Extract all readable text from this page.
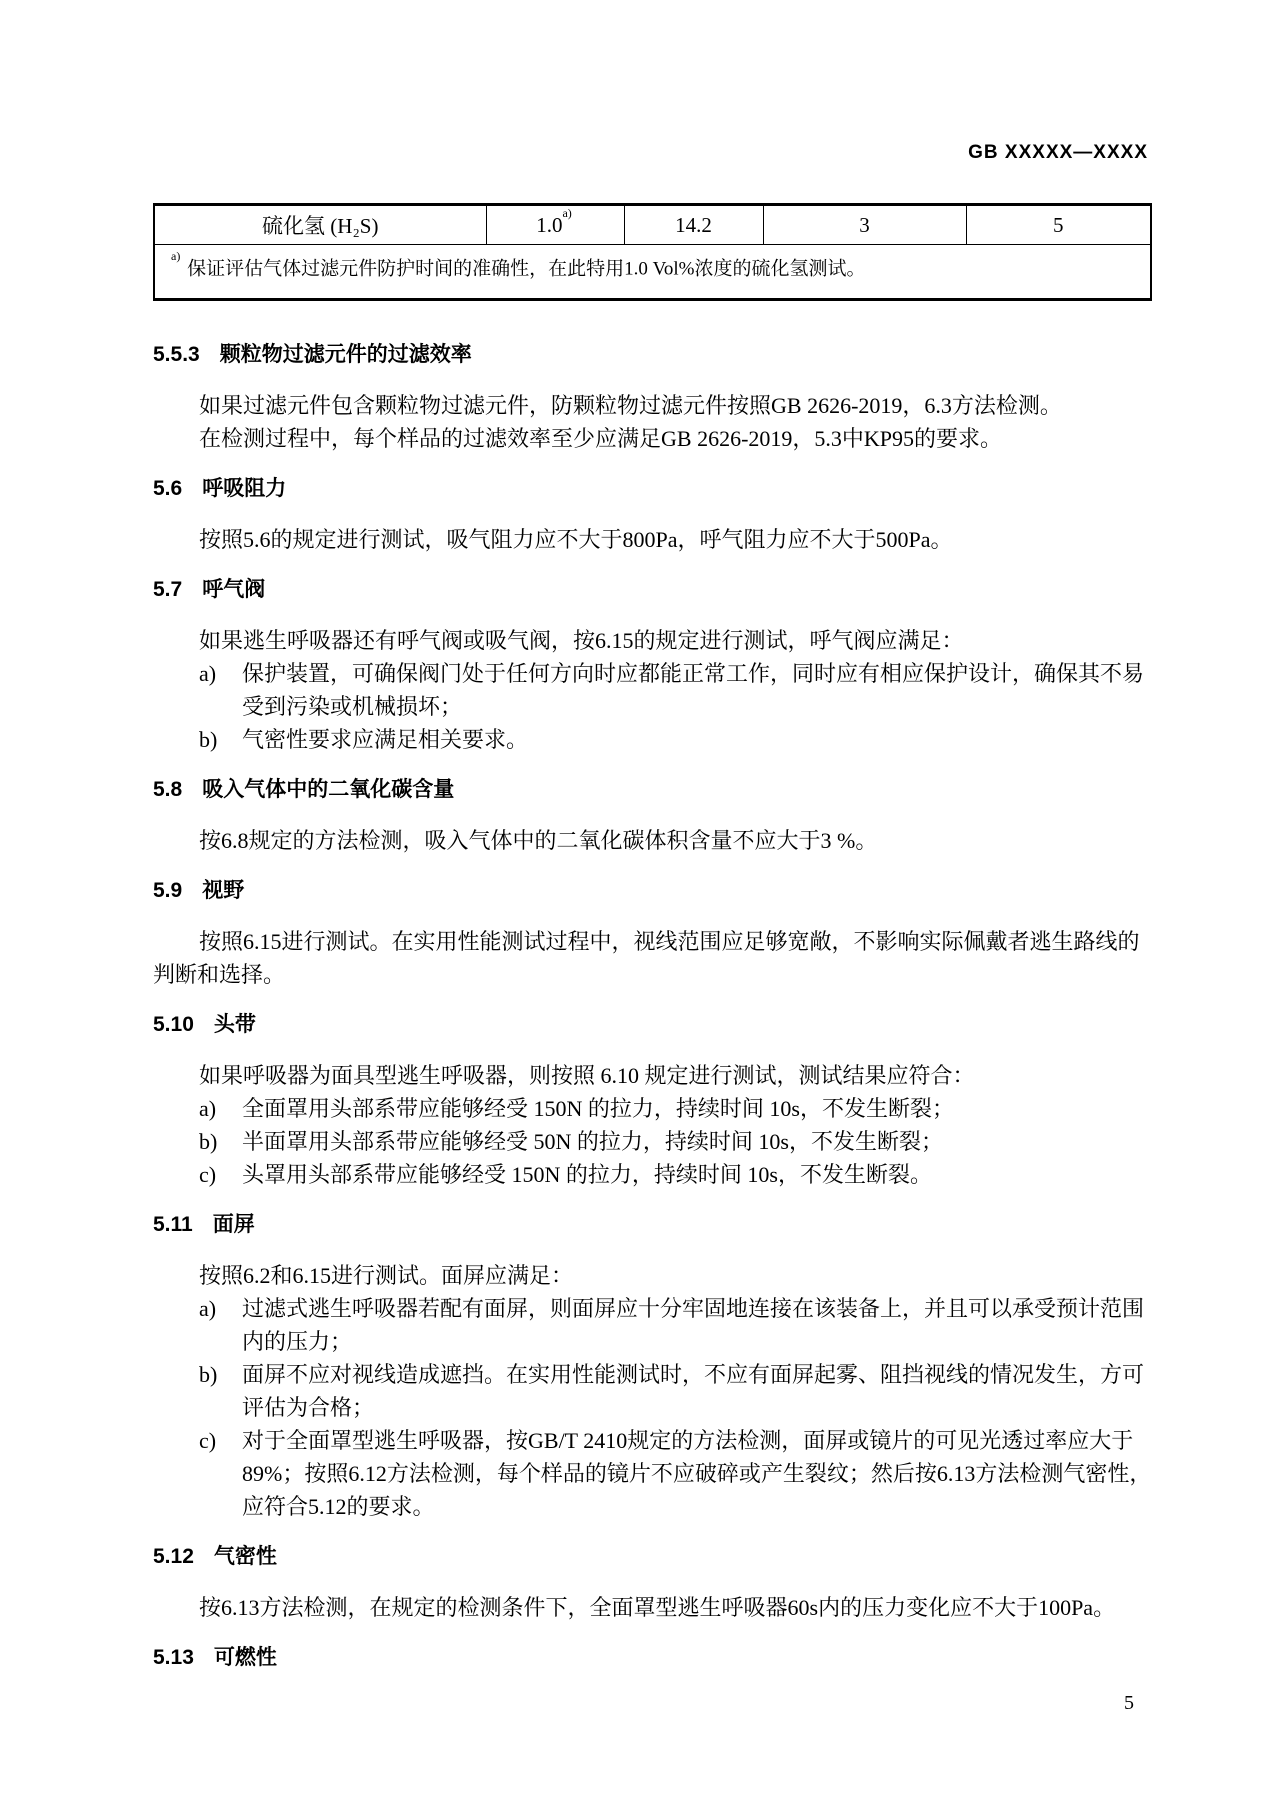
GB XXXXX—XXXX
硫化氢 (H₂S)	1.0$^{a)}$	14.2	3	5
$^{a)}$ 保证评估气体过滤元件防护时间的准确性，在此特用1.0 Vol%浓度的硫化氢测试。
5.5.3 颗粒物过滤元件的过滤效率
如果过滤元件包含颗粒物过滤元件，防颗粒物过滤元件按照GB 2626-2019，6.3方法检测。
在检测过程中，每个样品的过滤效率至少应满足GB 2626-2019，5.3中KP95的要求。
5.6 呼吸阻力
按照5.6的规定进行测试，吸气阻力应不大于800Pa，呼气阻力应不大于500Pa。
5.7 呼气阀
如果逃生呼吸器还有呼气阀或吸气阀，按6.15的规定进行测试，呼气阀应满足：
a) 保护装置，可确保阀门处于任何方向时应都能正常工作，同时应有相应保护设计，确保其不易
受到污染或机械损坏；
b) 气密性要求应满足相关要求。
5.8 吸入气体中的二氧化碳含量
按6.8规定的方法检测，吸入气体中的二氧化碳体积含量不应大于3 %。
5.9 视野
按照6.15进行测试。在实用性能测试过程中，视线范围应足够宽敞，不影响实际佩戴者逃生路线的
判断和选择。
5.10 头带
如果呼吸器为面具型逃生呼吸器，则按照 6.10 规定进行测试，测试结果应符合：
a) 全面罩用头部系带应能够经受 150N 的拉力，持续时间 10s，不发生断裂；
b) 半面罩用头部系带应能够经受 50N 的拉力，持续时间 10s，不发生断裂；
c) 头罩用头部系带应能够经受 150N 的拉力，持续时间 10s，不发生断裂。
5.11 面屏
按照6.2和6.15进行测试。面屏应满足：
a) 过滤式逃生呼吸器若配有面屏，则面屏应十分牢固地连接在该装备上，并且可以承受预计范围
内的压力；
b) 面屏不应对视线造成遮挡。在实用性能测试时，不应有面屏起雾、阻挡视线的情况发生，方可
评估为合格；
c) 对于全面罩型逃生呼吸器，按GB/T 2410规定的方法检测，面屏或镜片的可见光透过率应大于
89%；按照6.12方法检测，每个样品的镜片不应破碎或产生裂纹；然后按6.13方法检测气密性，
应符合5.12的要求。
5.12 气密性
按6.13方法检测，在规定的检测条件下，全面罩型逃生呼吸器60s内的压力变化应不大于100Pa。
5.13 可燃性
5
